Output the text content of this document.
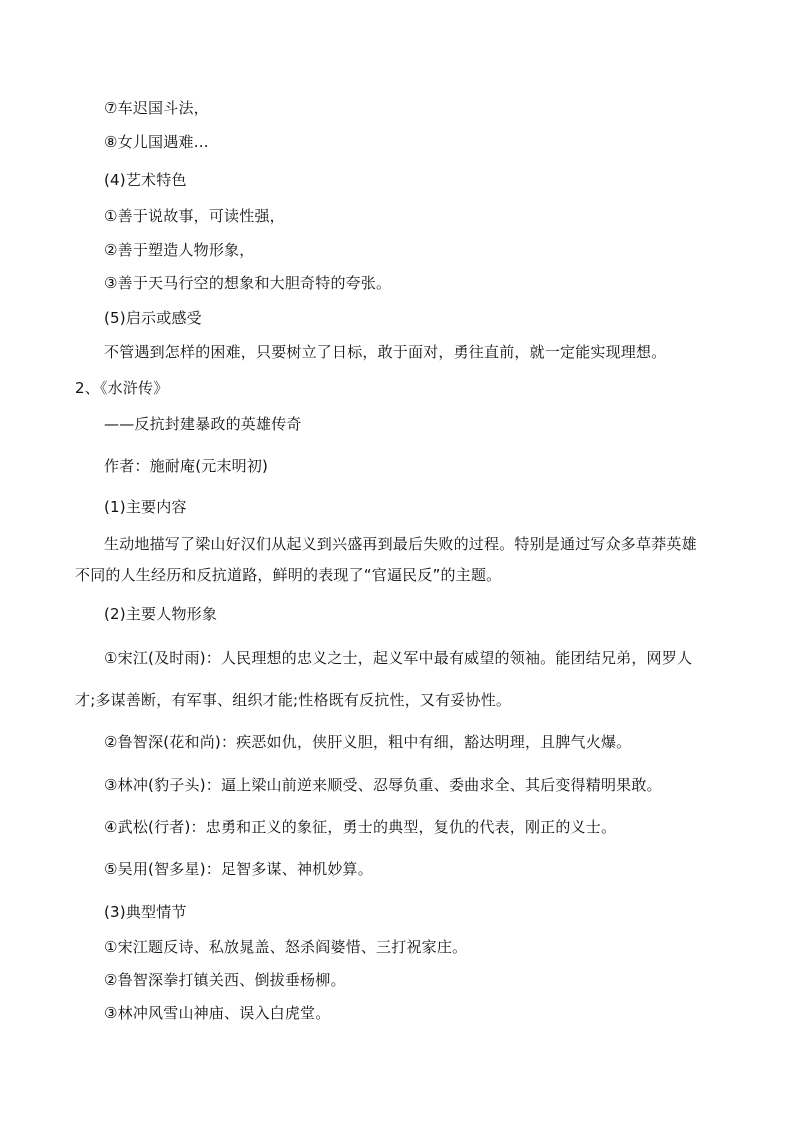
⑦车迟国斗法，
⑧女儿国遇难…
(4)艺术特色
①善于说故事，可读性强，
②善于塑造人物形象，
③善于天马行空的想象和大胆奇特的夸张。
(5)启示或感受
不管遇到怎样的困难，只要树立了日标，敢于面对，勇往直前，就一定能实现理想。
2、《水浒传》
——反抗封建暴政的英雄传奇
作者：施耐庵(元末明初)
(1)主要内容
生动地描写了梁山好汉们从起义到兴盛再到最后失败的过程。特别是通过写众多草莽英雄
不同的人生经历和反抗道路，鲜明的表现了“官逼民反”的主题。
(2)主要人物形象
①宋江(及时雨)：人民理想的忠义之士，起义军中最有威望的领袖。能团结兄弟，网罗人
才;多谋善断，有军事、组织才能;性格既有反抗性，又有妥协性。
②鲁智深(花和尚)：疾恶如仇，侠肝义胆，粗中有细，豁达明理，且脾气火爆。
③林冲(豹子头)：逼上梁山前逆来顺受、忍辱负重、委曲求全、其后变得精明果敢。
④武松(行者)：忠勇和正义的象征，勇士的典型，复仇的代表，刚正的义士。
⑤吴用(智多星)：足智多谋、神机妙算。
(3)典型情节
①宋江题反诗、私放晁盖、怒杀阎婆惜、三打祝家庄。
②鲁智深拳打镇关西、倒拔垂杨柳。
③林冲风雪山神庙、误入白虎堂。
